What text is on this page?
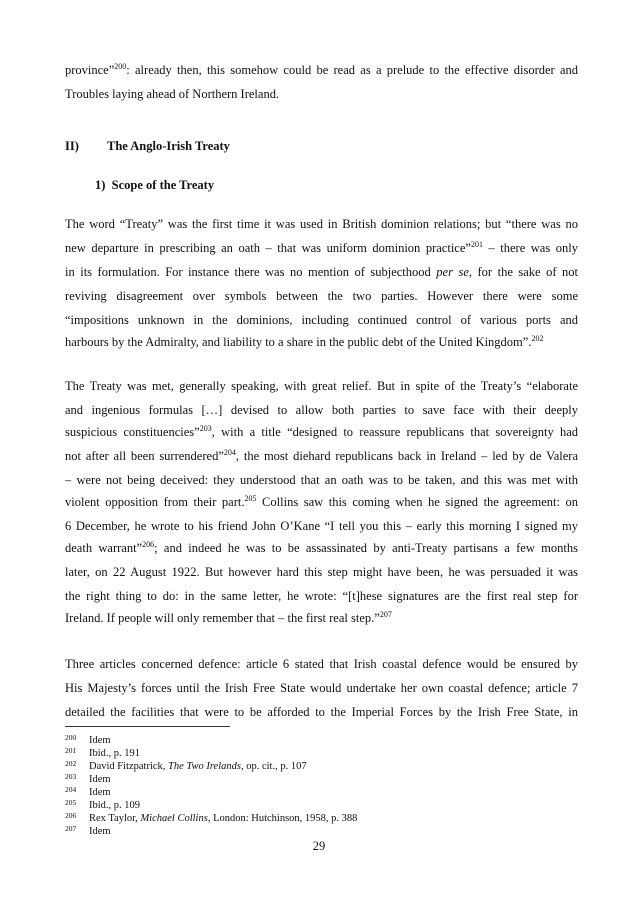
province”$^{200}$: already then, this somehow could be read as a prelude to the effective disorder and
Troubles laying ahead of Northern Ireland.
II) The Anglo-Irish Treaty
1)  Scope of the Treaty
The word “Treaty” was the first time it was used in British dominion relations; but “there was no
new departure in prescribing an oath – that was uniform dominion practice”$^{201}$ – there was only
in its formulation. For instance there was no mention of subjecthood per se, for the sake of not
reviving disagreement over symbols between the two parties. However there were some
“impositions unknown in the dominions, including continued control of various ports and
harbours by the Admiralty, and liability to a share in the public debt of the United Kingdom”.$^{202}$
The Treaty was met, generally speaking, with great relief. But in spite of the Treaty’s “elaborate
and ingenious formulas […] devised to allow both parties to save face with their deeply
suspicious constituencies”$^{203}$, with a title “designed to reassure republicans that sovereignty had
not after all been surrendered”$^{204}$, the most diehard republicans back in Ireland – led by de Valera
– were not being deceived: they understood that an oath was to be taken, and this was met with
violent opposition from their part.$^{205}$ Collins saw this coming when he signed the agreement: on
6 December, he wrote to his friend John O’Kane “I tell you this – early this morning I signed my
death warrant”$^{206}$; and indeed he was to be assassinated by anti-Treaty partisans a few months
later, on 22 August 1922. But however hard this step might have been, he was persuaded it was
the right thing to do: in the same letter, he wrote: “[t]hese signatures are the first real step for
Ireland. If people will only remember that – the first real step.”$^{207}$
Three articles concerned defence: article 6 stated that Irish coastal defence would be ensured by
His Majesty’s forces until the Irish Free State would undertake her own coastal defence; article 7
detailed the facilities that were to be afforded to the Imperial Forces by the Irish Free State, in
200 Idem
201 Ibid., p. 191
202 David Fitzpatrick, The Two Irelands, op. cit., p. 107
203 Idem
204 Idem
205 Ibid., p. 109
206 Rex Taylor, Michael Collins, London: Hutchinson, 1958, p. 388
207 Idem
29
